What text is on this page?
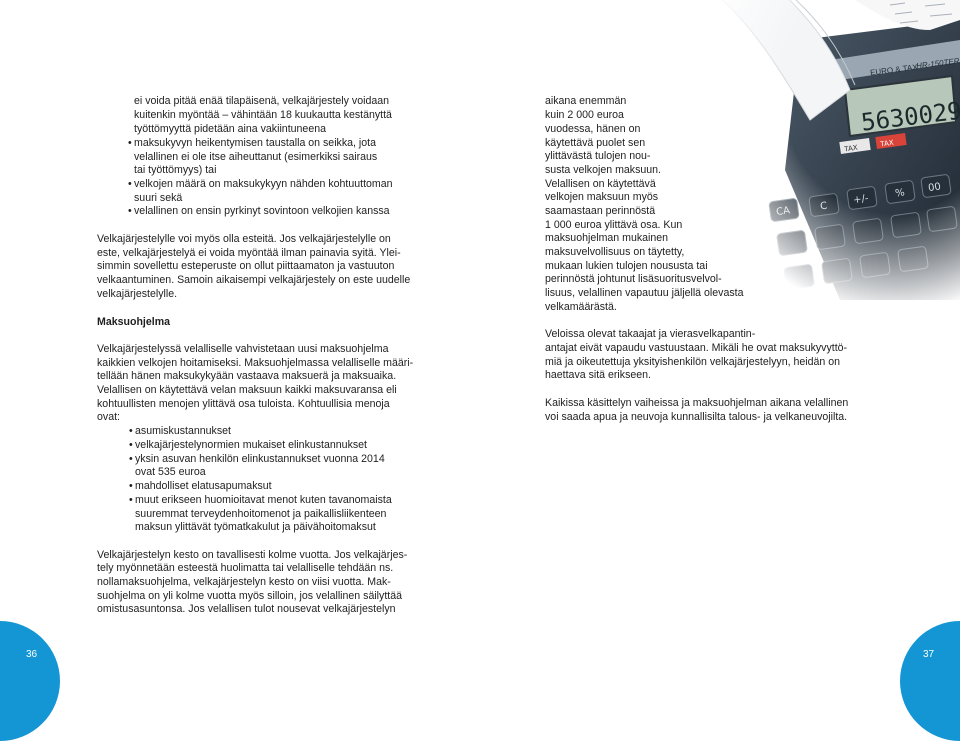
ei voida pitää enää tilapäisenä, velkajärjestely voidaan
kuitenkin myöntää – vähintään 18 kuukautta kestänyttä
työttömyyttä pidetään aina vakiintuneena
• maksukyvyn heikentymisen taustalla on seikka, jota
velallinen ei ole itse aiheuttanut (esimerkiksi sairaus
tai työttömyys) tai
• velkojen määrä on maksukykyyn nähden kohtuuttoman
suuri sekä
• velallinen on ensin pyrkinyt sovintoon velkojien kanssa
Velkajärjestelylle voi myös olla esteitä. Jos velkajärjestelylle on
este, velkajärjestelyä ei voida myöntää ilman painavia syitä. Ylei-
simmin sovellettu esteperuste on ollut piittaamaton ja vastuuton
velkaantuminen. Samoin aikaisempi velkajärjestely on este uudelle
velkajärjestelylle.
Maksuohjelma
Velkajärjestelyssä velalliselle vahvistetaan uusi maksuohjelma
kaikkien velkojen hoitamiseksi. Maksuohjelmassa velalliselle määri-
tellään hänen maksukykyään vastaava maksuerä ja maksuaika.
Velallisen on käytettävä velan maksuun kaikki maksuvaransa eli
kohtuullisten menojen ylittävä osa tuloista. Kohtuullisia menoja
ovat:
• asumiskustannukset
• velkajärjestelynormien mukaiset elinkustannukset
• yksin asuvan henkilön elinkustannukset vuonna 2014
ovat 535 euroa
• mahdolliset elatusapumaksut
• muut erikseen huomioitavat menot kuten tavanomaista
suuremmat terveydenhoitomenot ja paikallisliikenteen
maksun ylittävät työmatkakulut ja päivähoitomaksut
Velkajärjestelyn kesto on tavallisesti kolme vuotta. Jos velkajärjes-
tely myönnetään esteestä huolimatta tai velalliselle tehdään ns.
nollamaksuohjelma, velkajärjestelyn kesto on viisi vuotta. Mak-
suohjelma on yli kolme vuotta myös silloin, jos velallinen säilyttää
omistusasuntonsa. Jos velallisen tulot nousevat velkajärjestelyn
aikana enemmän
kuin 2 000 euroa
vuodessa, hänen on
käytettävä puolet sen
ylittävästä tulojen nou-
susta velkojen maksuun.
Velallisen on käytettävä
velkojen maksuun myös
saamastaan perinnöstä
1 000 euroa ylittävä osa. Kun
maksuohjelman mukainen
maksuvelvollisuus on täytetty,
mukaan lukien tulojen noususta tai
perinnöstä johtunut lisäsuoritusvelvol-
lisuus, velallinen vapautuu jäljellä olevasta
velkamäärästä.
Veloissa olevat takaajat ja vierasvelkapantin-
antajat eivät vapaudu vastuustaan. Mikäli he ovat maksukyvyttö-
miä ja oikeutettuja yksityishenkilön velkajärjestelyyn, heidän on
haettava sitä erikseen.
Kaikissa käsittelyn vaiheissa ja maksuohjelman aikana velallinen
voi saada apua ja neuvoja kunnallisilta talous- ja velkaneuvojilta.
36	37
